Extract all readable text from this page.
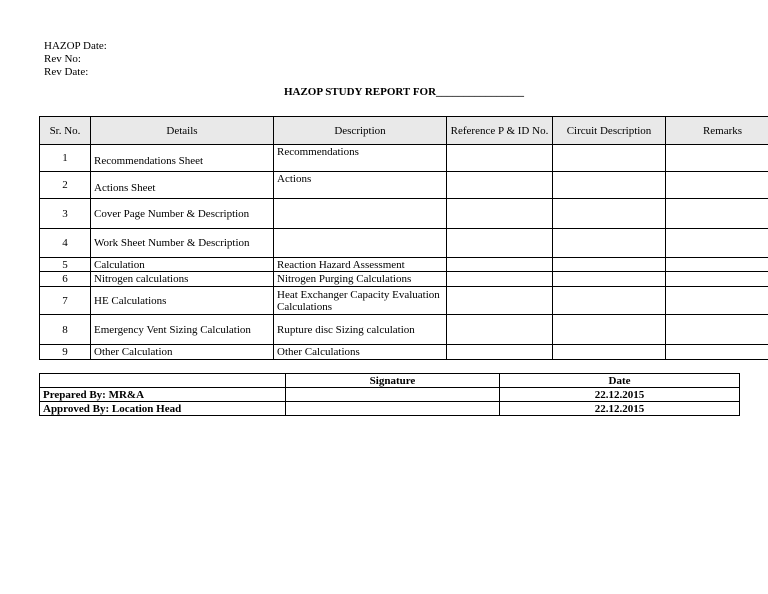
HAZOP Date:
Rev No:
Rev Date:
HAZOP STUDY REPORT FOR________________
Sr. No.	Details	Description	Reference P & ID No.	Circuit Description	Remarks
1	Recommendations Sheet	Recommendations			
2	Actions Sheet	Actions			
3	Cover Page Number & Description				
4	Work Sheet Number & Description				
5	Calculation	Reaction Hazard Assessment			
6	Nitrogen calculations	Nitrogen Purging Calculations			
7	HE Calculations	Heat Exchanger Capacity Evaluation Calculations			
8	Emergency Vent Sizing Calculation	Rupture disc Sizing calculation			
9	Other Calculation	Other Calculations			
	Signature	Date
Prepared By: MR&A		22.12.2015
Approved By: Location Head		22.12.2015
